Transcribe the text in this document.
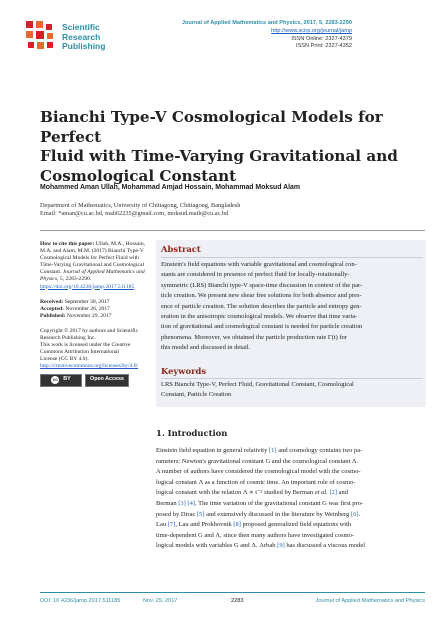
Scientific
Research
Publishing
Journal of Applied Mathematics and Physics, 2017, 5, 2283-2290
http://www.scirp.org/journal/jamp
ISSN Online: 2327-4379
ISSN Print: 2327-4352
Bianchi Type-V Cosmological Models for Perfect
Fluid with Time-Varying Gravitational and
Cosmological Constant
Mohammed Aman Ullah, Mohammad Amjad Hossain, Mohammad Moksud Alam
Department of Mathematics, University of Chittagong, Chittagong, Bangladesh
Email: *aman@cu.ac.bd, mah62235@gmail.com, moksud.math@cu.ac.bd
How to cite this paper: Ullah, M.A., Hossain, M.A. and Alam, M.M. (2017) Bianchi Type-V Cosmological Models for Perfect Fluid with Time-Varying Gravitational and Cosmological Constant. Journal of Applied Mathematics and Physics, 5, 2283-2290. https://doi.org/10.4236/jamp.2017.511185
Received: September 30, 2017
Accepted: November 26, 2017
Published: November 29, 2017
Copyright © 2017 by authors and Scientific Research Publishing Inc.
This work is licensed under the Creative
Commons Attribution International
License (CC BY 4.0).
http://creativecommons.org/licenses/by/4.0/
cc BY	Open Access
Abstract
Einstein's field equations with variable gravitational and cosmological con-
stants are considered in presence of perfect fluid for locally-rotationally-
symmetric (LRS) Bianchi type-V space-time discussion in context of the par-
ticle creation. We present new shear free solutions for both absence and pres-
ence of particle creation. The solution describes the particle and entropy gen-
eration in the anisotropic cosmological models. We observe that time varia-
tion of gravitational and cosmological constant is needed for particle creation
phenomena. Moreover, we obtained the particle production rate Γ(t) for
this model and discussed in detail.
Keywords
LRS Bianchi Type-V, Perfect Fluid, Gravitational Constant, Cosmological
Constant, Particle Creation
1. Introduction
Einstein field equation in general relativity [1] and cosmology contains two pa-
rameters: Newton's gravitational constant G and the cosmological constant Λ.
A number of authors have considered the cosmological model with the cosmo-
logical constant Λ as a function of cosmic time. An important role of cosmo-
logical constant with the relation Λ ∝ t⁻² studied by Berman et al. [2] and
Berman [3] [4]. The time variation of the gravitational constant G was first pro-
posed by Dirac [5] and extensively discussed in the literature by Weinberg [6].
Lau [7], Lau and Prokhovnik [8] proposed generalized field equations with
time-dependent G and Λ, since then many authors have investigated cosmo-
logical models with variables G and Λ. Arbab [9] has discussed a viscous model
DOI: 10.4236/jamp.2017.511185	Nov. 29, 2017	2283	Journal of Applied Mathematics and Physics
